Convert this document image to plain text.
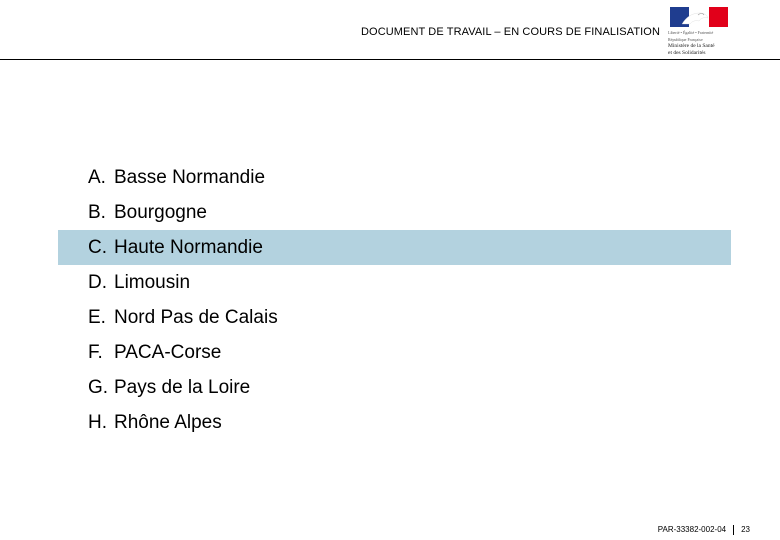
DOCUMENT DE TRAVAIL – EN COURS DE FINALISATION Liberté • Égalité • Fraternité
République Française
Ministère de la Santé
et des Solidarités
A. Basse Normandie
B. Bourgogne
C. Haute Normandie
D. Limousin
E. Nord Pas de Calais
F. PACA-Corse
G. Pays de la Loire
H. Rhône Alpes
PAR-33382-002-04 23
